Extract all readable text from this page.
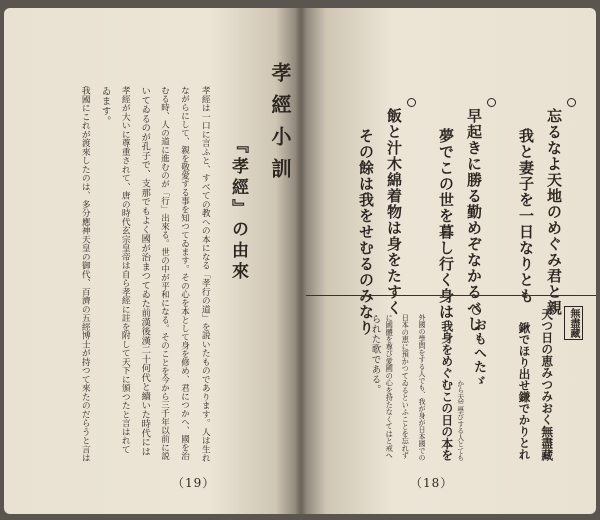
孝經小訓
『孝經』の由來
孝經は一口に言ふと、すべての教への本になる「孝行の道」を説いたものであります。人は生れ
ながらにして、親を敬愛する事を知つてゐます。その心を本として身を修め、君につかへ、國を治
むる時、人の道に進むのが「行」出來る。世の中が平和になる。そのことを今から三千年以前に説
いてゐるのが孔子で、支那でもよく國が治まつてゐた前漢後漢二十何代と續いた時代には
孝經が大いに尊重されて、唐の時代玄宗皇帝は自ら孝經に註を附して天下に頒つたと言はれて
ゐます。
我國にこれが渡來したのは、多分應神天皇の御代、百濟の五經博士が持つて來たのだらうと言は
（19）
忘るなよ天地のめぐみ君と親
我と妻子を一日なりとも
早起きに勝る勤めぞなかるべし
夢でこの世を暮し行く身は
飯と汁木綿着物は身をたすく
その餘は我をせむるのみなり	無盡藏
天つ日の恵みつみおく無盡藏
鍬でほり出せ鎌でかりとれ
おもへたゞ
から天竺學びする人とても
我身をめぐむこの日の本を
外國の學問をする人でも、我が身が日本國での
日本の恵に預かつてゐるといふことを忘れず
に國體を尊び愛國の心を持たなくてはと戒へ
られた歌である。
（18）
